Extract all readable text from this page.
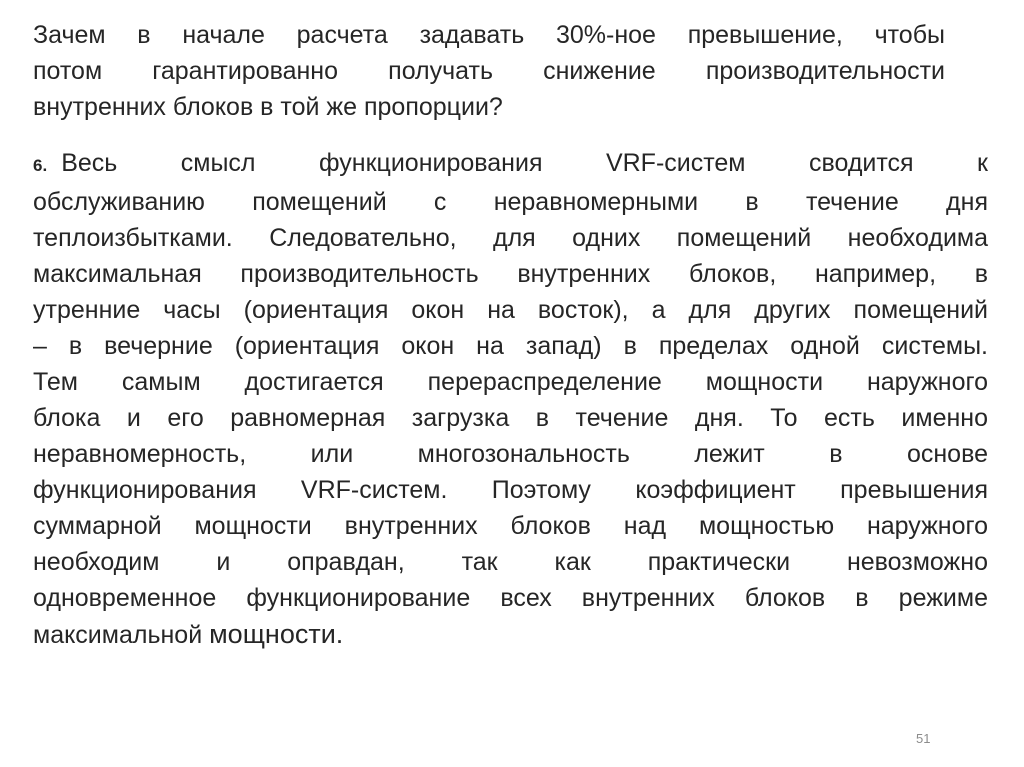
Зачем в начале расчета задавать 30%-ное превышение, чтобы
потом гарантированно получать снижение производительности
внутренних блоков в той же пропорции?

6. Весь смысл функционирования VRF-систем сводится к
обслуживанию помещений с неравномерными в течение дня
теплоизбытками. Следовательно, для одних помещений необходима
максимальная производительность внутренних блоков, например, в
утренние часы (ориентация окон на восток), а для других помещений
– в вечерние (ориентация окон на запад) в пределах одной системы.
Тем самым достигается перераспределение мощности наружного
блока и его равномерная загрузка в течение дня. То есть именно
неравномерность, или многозональность лежит в основе
функционирования VRF-систем. Поэтому коэффициент превышения
суммарной мощности внутренних блоков над мощностью наружного
необходим и оправдан, так как практически невозможно
одновременное функционирование всех внутренних блоков в режиме
максимальной мощности.

51
